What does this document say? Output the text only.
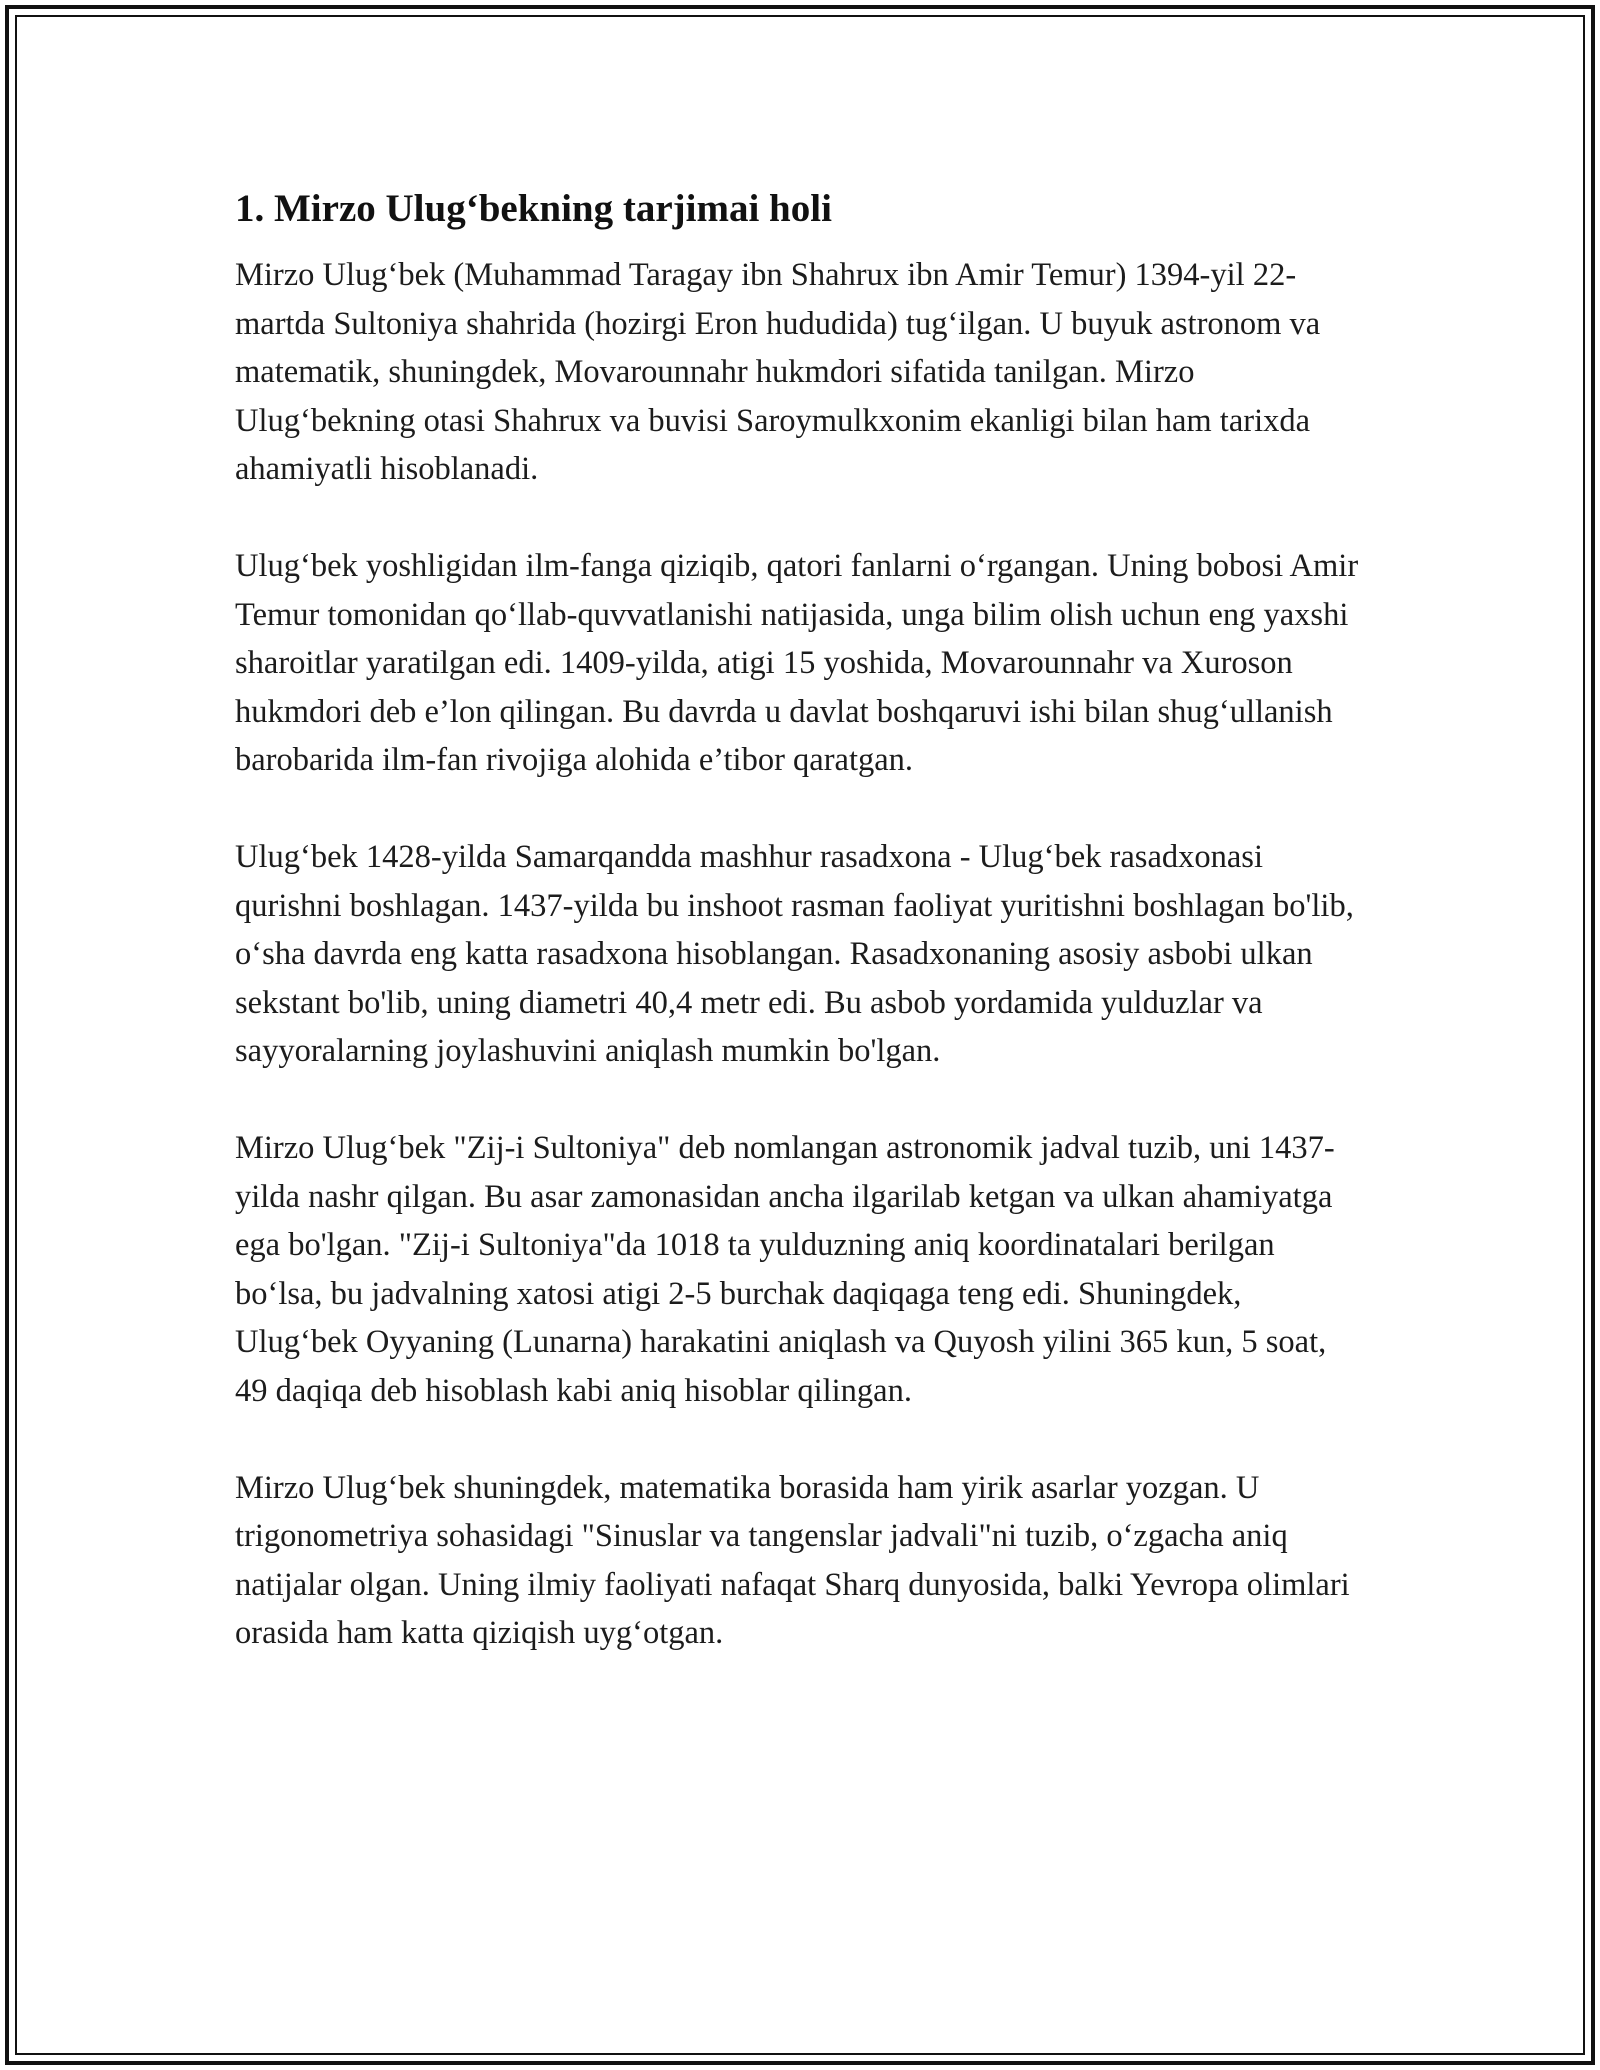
1. Mirzo Ulug‘bekning tarjimai holi

Mirzo Ulug‘bek (Muhammad Taragay ibn Shahrux ibn Amir Temur) 1394-yil 22-martda Sultoniya shahrida (hozirgi Eron hududida) tug‘ilgan. U buyuk astronom va matematik, shuningdek, Movarounnahr hukmdori sifatida tanilgan. Mirzo Ulug‘bekning otasi Shahrux va buvisi Saroymulkxonim ekanligi bilan ham tarixda ahamiyatli hisoblanadi.

Ulug‘bek yoshligidan ilm-fanga qiziqib, qatori fanlarni o‘rgangan. Uning bobosi Amir Temur tomonidan qo‘llab-quvvatlanishi natijasida, unga bilim olish uchun eng yaxshi sharoitlar yaratilgan edi. 1409-yilda, atigi 15 yoshida, Movarounnahr va Xuroson hukmdori deb e’lon qilingan. Bu davrda u davlat boshqaruvi ishi bilan shug‘ullanish barobarida ilm-fan rivojiga alohida e’tibor qaratgan.

Ulug‘bek 1428-yilda Samarqandda mashhur rasadxona - Ulug‘bek rasadxonasi qurishni boshlagan. 1437-yilda bu inshoot rasman faoliyat yuritishni boshlagan bo'lib, o‘sha davrda eng katta rasadxona hisoblangan. Rasadxonaning asosiy asbobi ulkan sekstant bo'lib, uning diametri 40,4 metr edi. Bu asbob yordamida yulduzlar va sayyoralarning joylashuvini aniqlash mumkin bo'lgan.

Mirzo Ulug‘bek "Zij-i Sultoniya" deb nomlangan astronomik jadval tuzib, uni 1437-yilda nashr qilgan. Bu asar zamonasidan ancha ilgarilab ketgan va ulkan ahamiyatga ega bo'lgan. "Zij-i Sultoniya"da 1018 ta yulduzning aniq koordinatalari berilgan bo‘lsa, bu jadvalning xatosi atigi 2-5 burchak daqiqaga teng edi. Shuningdek, Ulug‘bek Oyyaning (Lunarna) harakatini aniqlash va Quyosh yilini 365 kun, 5 soat, 49 daqiqa deb hisoblash kabi aniq hisoblar qilingan.

Mirzo Ulug‘bek shuningdek, matematika borasida ham yirik asarlar yozgan. U trigonometriya sohasidagi "Sinuslar va tangenslar jadvali"ni tuzib, o‘zgacha aniq natijalar olgan. Uning ilmiy faoliyati nafaqat Sharq dunyosida, balki Yevropa olimlari orasida ham katta qiziqish uyg‘otgan.
